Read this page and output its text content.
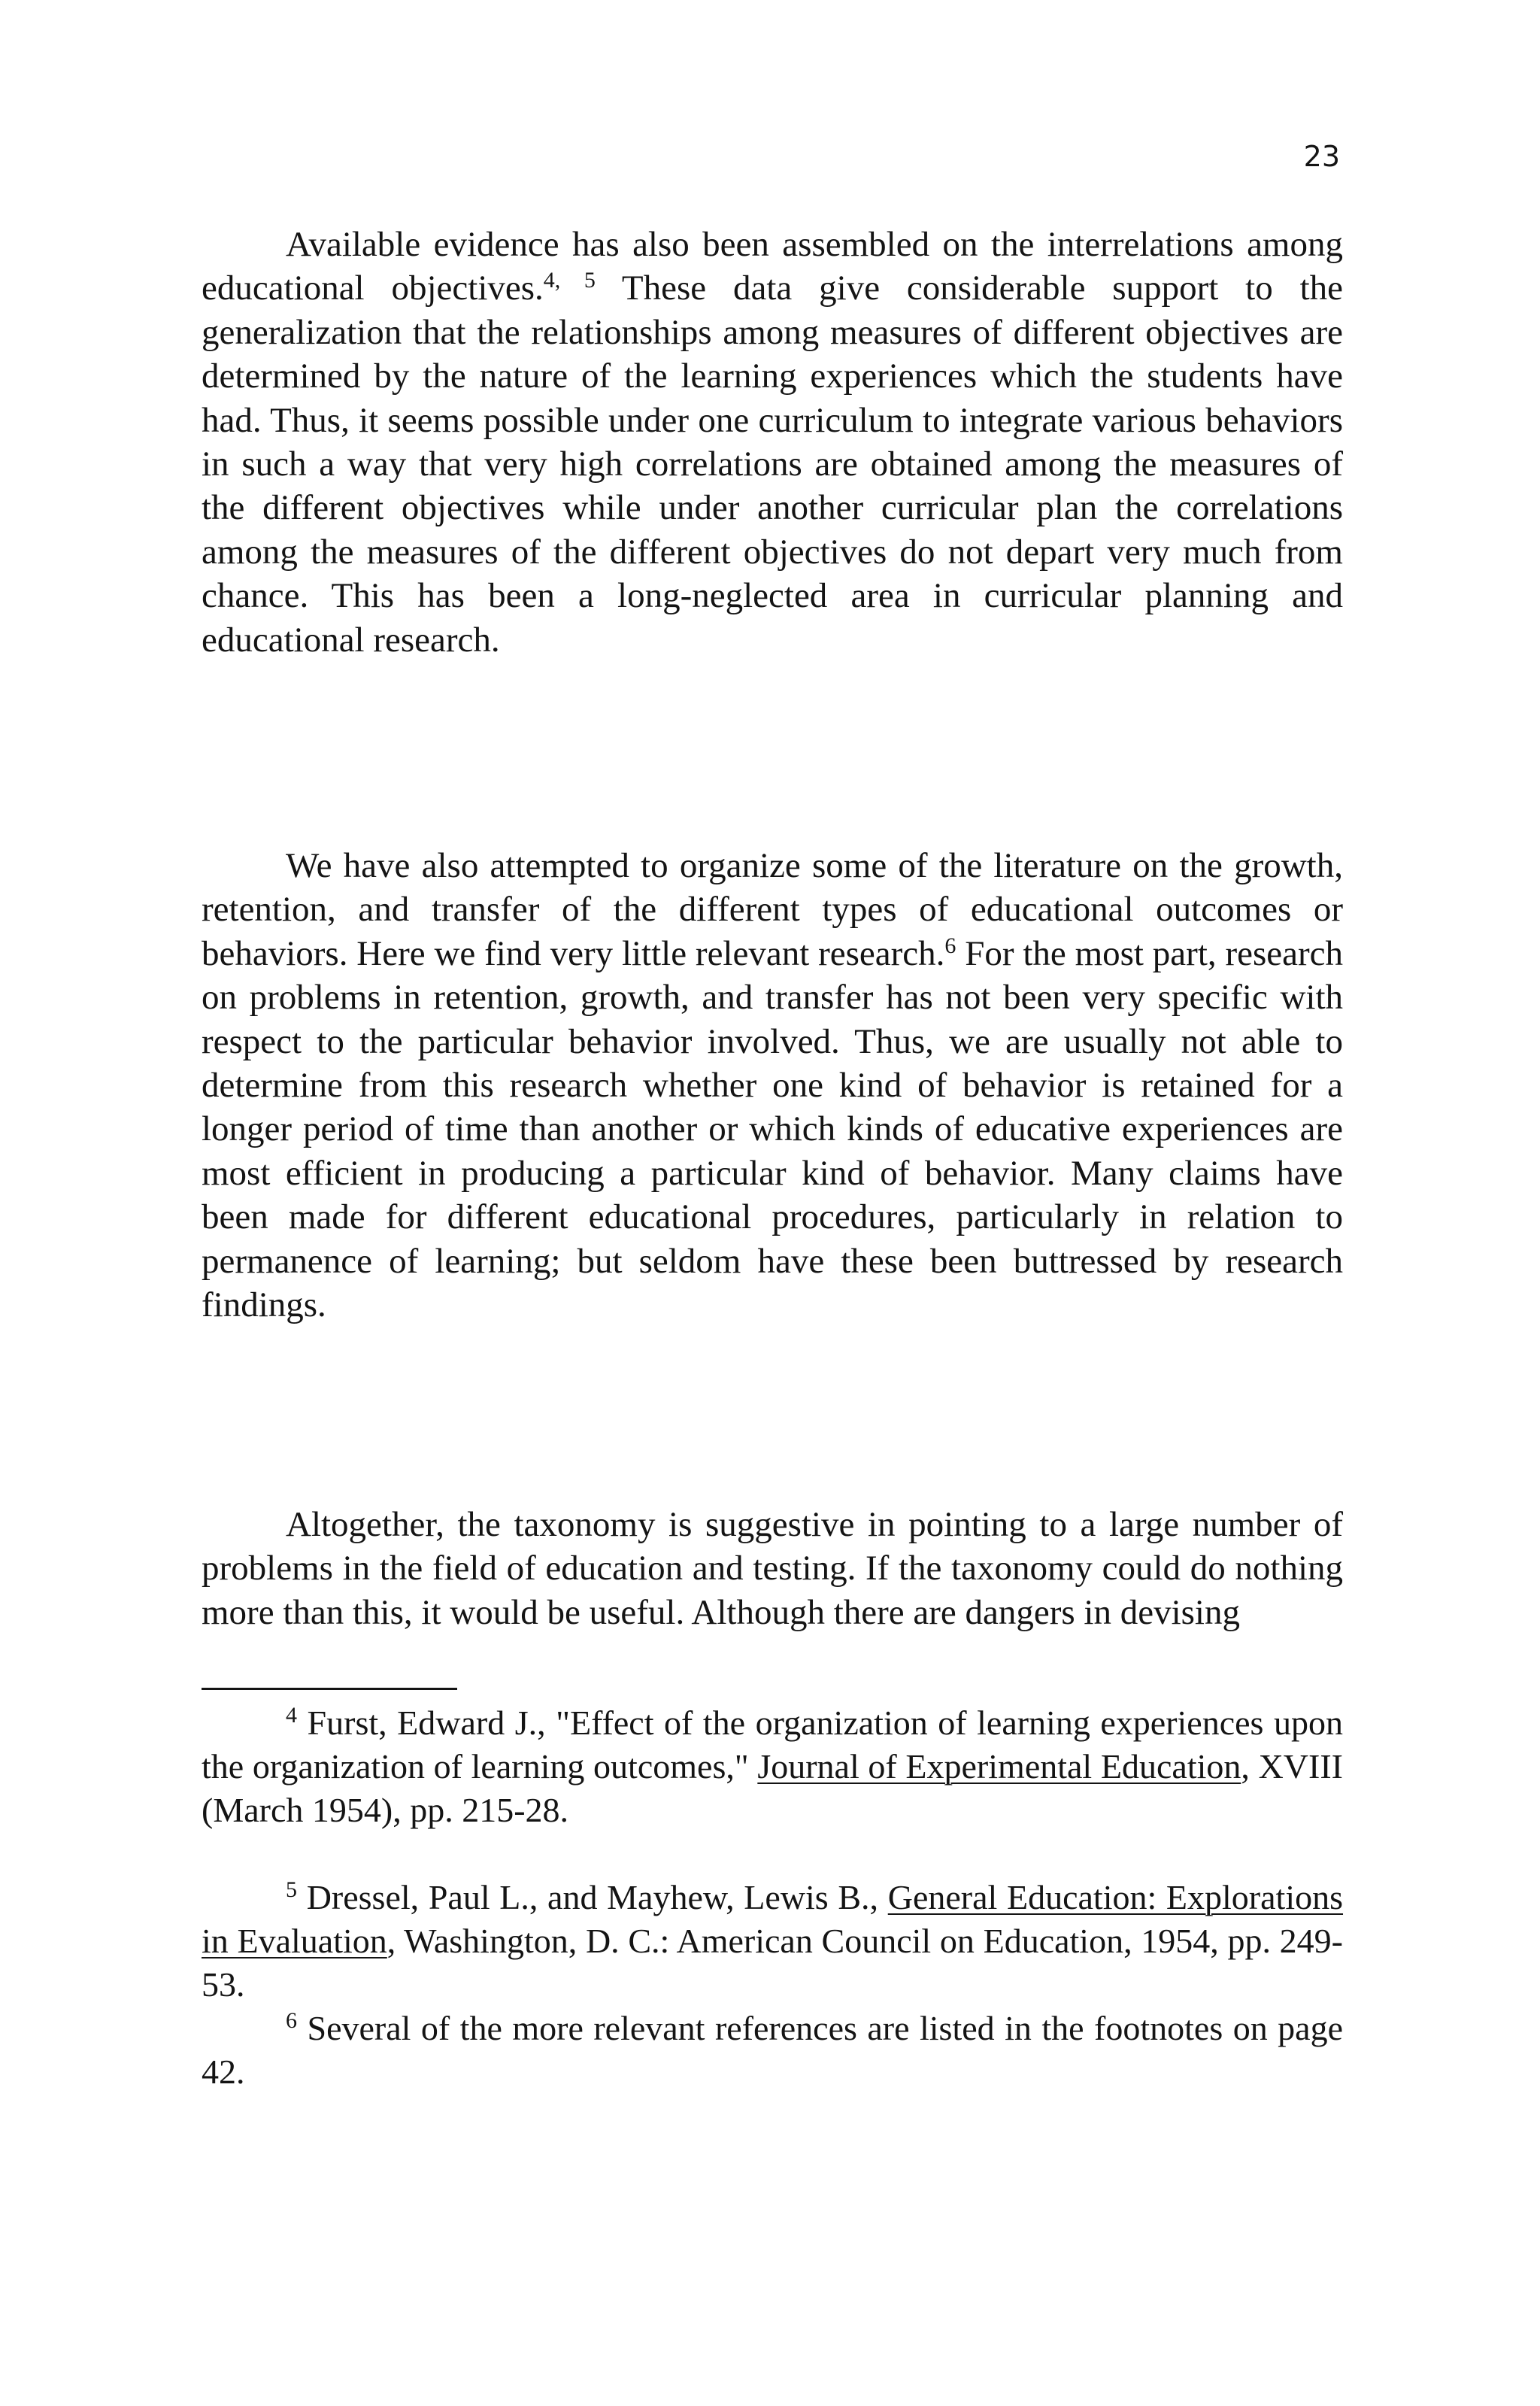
23

Available evidence has also been assembled on the interrelations among educational objectives.$^{4, 5}$ These data give considerable support to the generalization that the relationships among measures of different objectives are determined by the nature of the learning experiences which the students have had. Thus, it seems possible under one curriculum to integrate various behaviors in such a way that very high correlations are obtained among the measures of the different objectives while under another curricular plan the correlations among the measures of the different objectives do not depart very much from chance. This has been a long-neglected area in curricular planning and educational research.

We have also attempted to organize some of the literature on the growth, retention, and transfer of the different types of educational outcomes or behaviors. Here we find very little relevant research.$^6$ For the most part, research on problems in retention, growth, and transfer has not been very specific with respect to the particular behavior involved. Thus, we are usually not able to determine from this research whether one kind of behavior is retained for a longer period of time than another or which kinds of educative experiences are most efficient in producing a particular kind of behavior. Many claims have been made for different educational procedures, particularly in relation to permanence of learning; but seldom have these been buttressed by research findings.

Altogether, the taxonomy is suggestive in pointing to a large number of problems in the field of education and testing. If the taxonomy could do nothing more than this, it would be useful. Although there are dangers in devising

$^4$ Furst, Edward J., "Effect of the organization of learning experiences upon the organization of learning outcomes," Journal of Experimental Education, XVIII (March 1954), pp. 215-28.

$^5$ Dressel, Paul L., and Mayhew, Lewis B., General Education: Explorations in Evaluation, Washington, D. C.: American Council on Education, 1954, pp. 249-53.

$^6$ Several of the more relevant references are listed in the footnotes on page 42.
